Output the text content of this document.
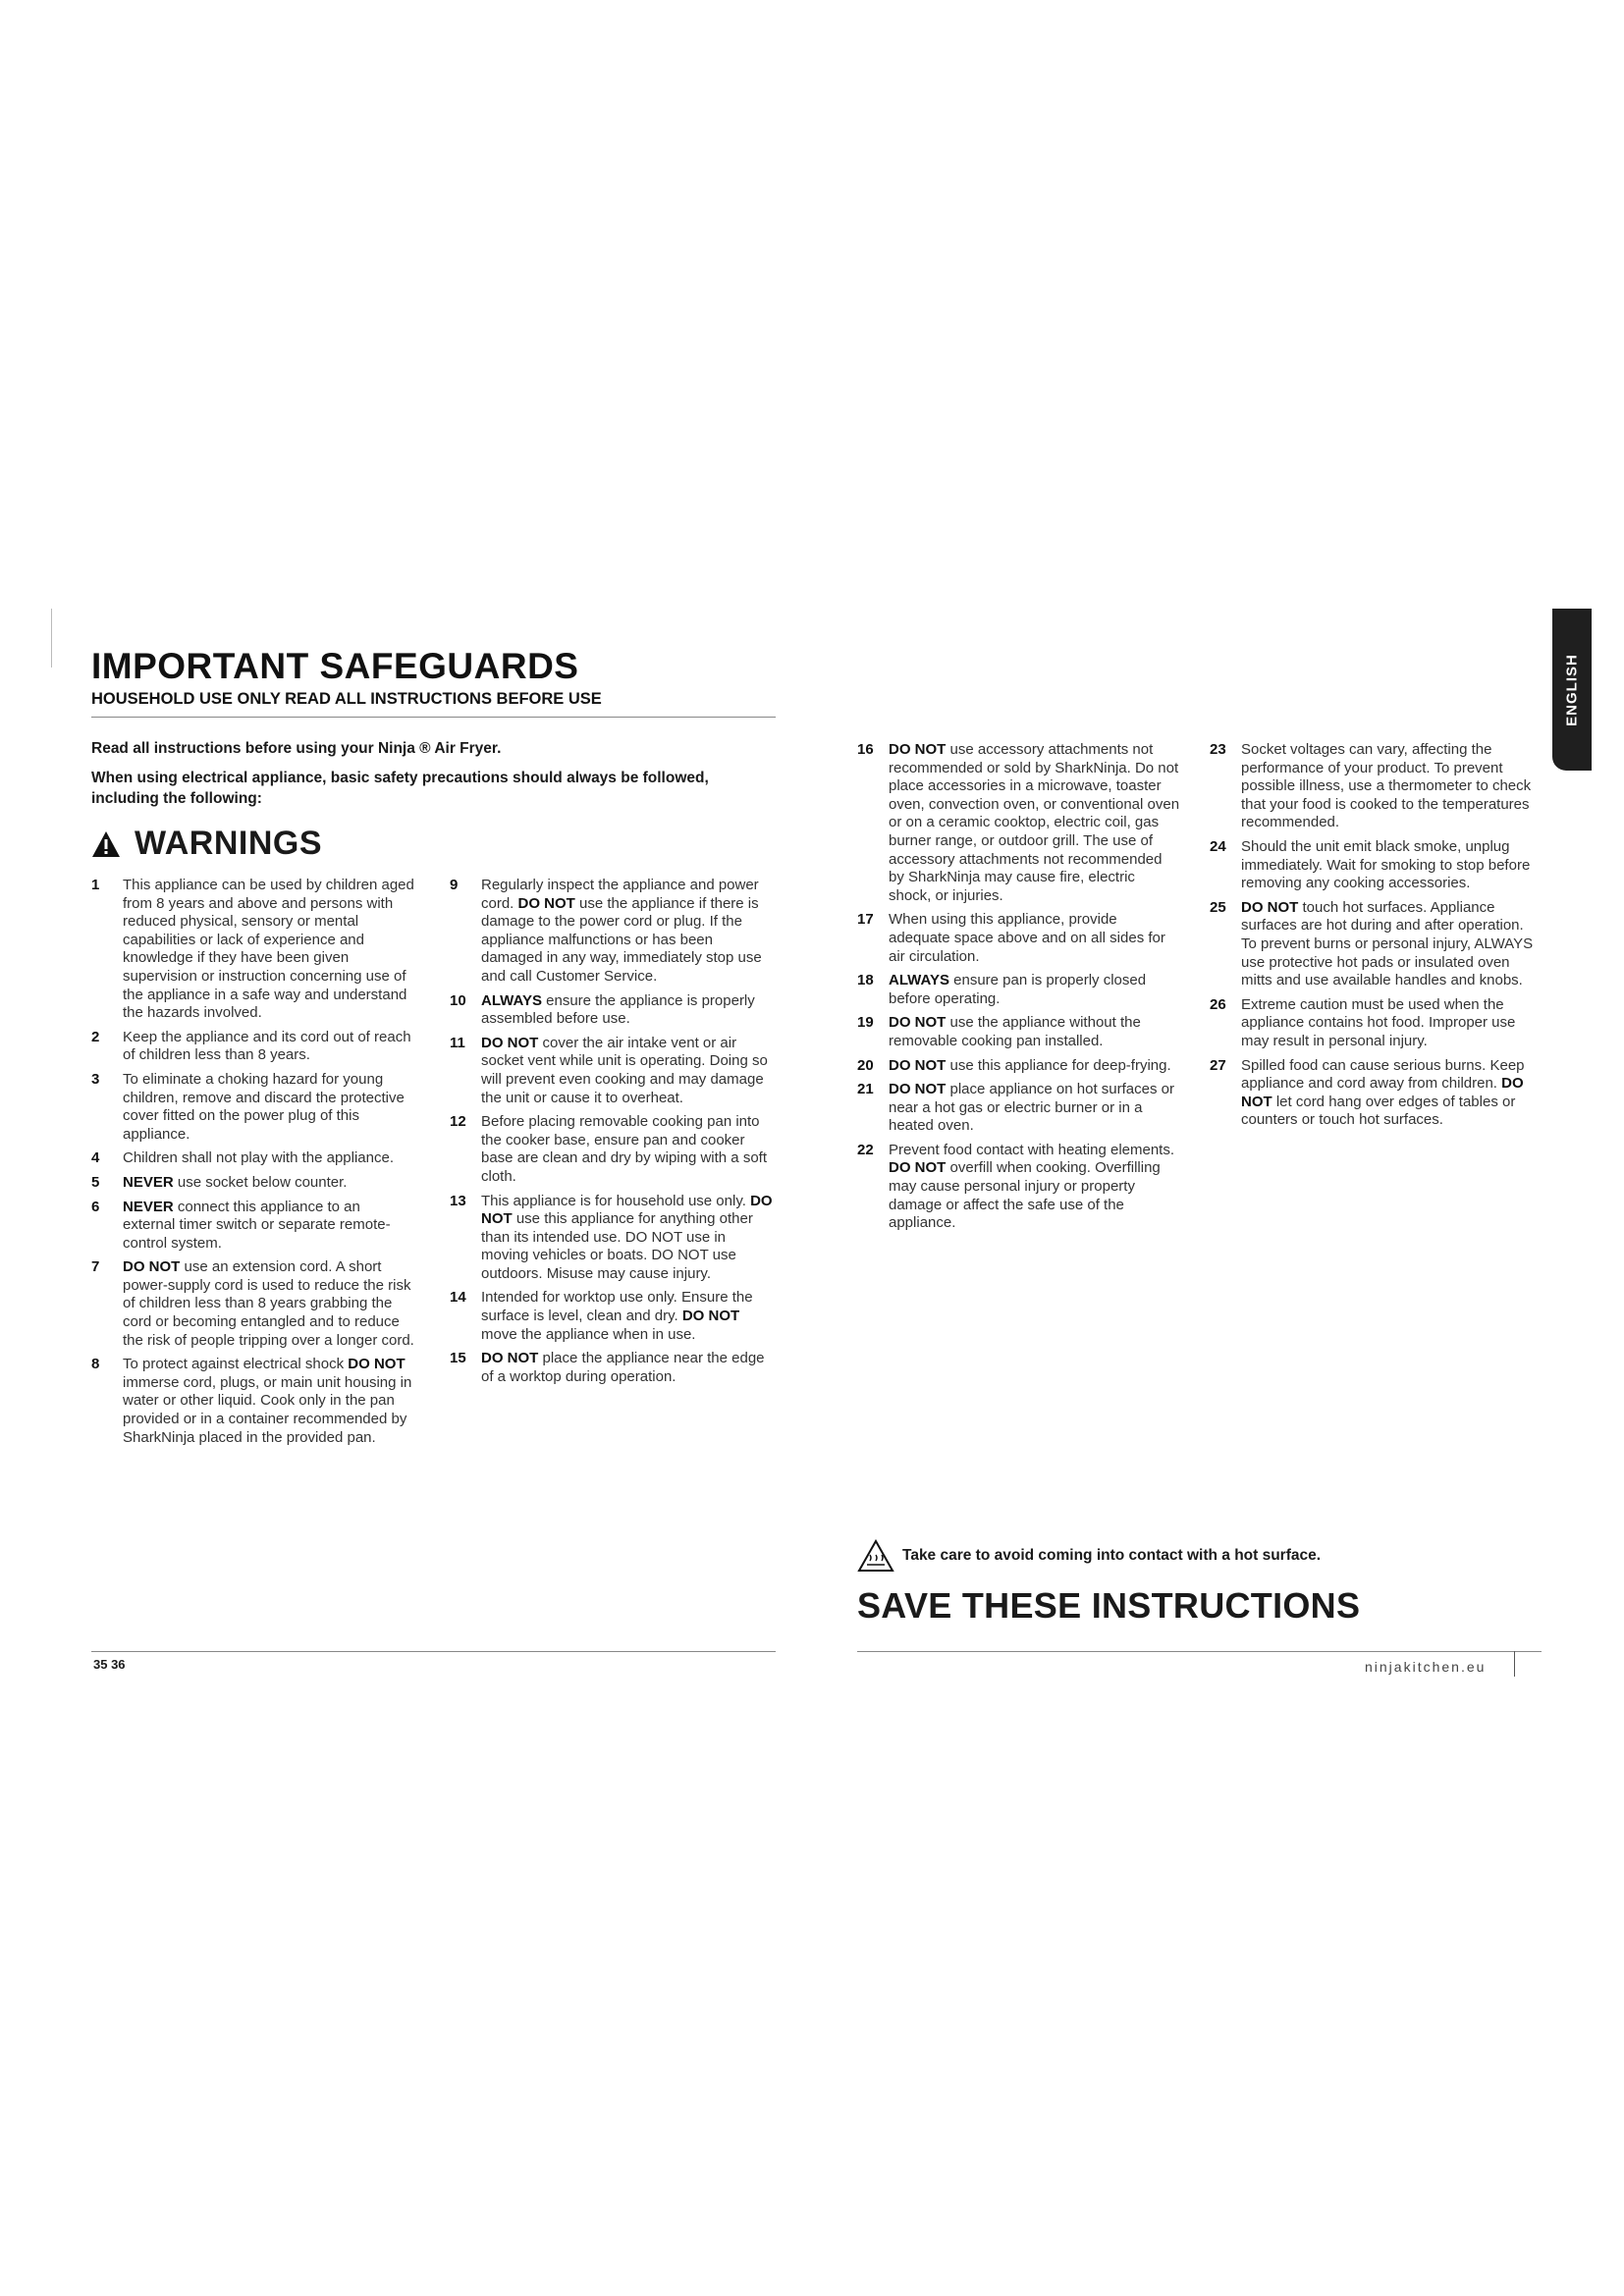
IMPORTANT SAFEGUARDS
HOUSEHOLD USE ONLY READ ALL INSTRUCTIONS BEFORE USE
Read all instructions before using your Ninja ® Air Fryer.
When using electrical appliance, basic safety precautions should always be followed, including the following:
WARNINGS
1 This appliance can be used by children aged from 8 years and above and persons with reduced physical, sensory or mental capabilities or lack of experience and knowledge if they have been given supervision or instruction concerning use of the appliance in a safe way and understand the hazards involved.
2 Keep the appliance and its cord out of reach of children less than 8 years.
3 To eliminate a choking hazard for young children, remove and discard the protective cover fitted on the power plug of this appliance.
4 Children shall not play with the appliance.
5 NEVER use socket below counter.
6 NEVER connect this appliance to an external timer switch or separate remote-control system.
7 DO NOT use an extension cord. A short power-supply cord is used to reduce the risk of children less than 8 years grabbing the cord or becoming entangled and to reduce the risk of people tripping over a longer cord.
8 To protect against electrical shock DO NOT immerse cord, plugs, or main unit housing in water or other liquid. Cook only in the pan provided or in a container recommended by SharkNinja placed in the provided pan.
9 Regularly inspect the appliance and power cord. DO NOT use the appliance if there is damage to the power cord or plug. If the appliance malfunctions or has been damaged in any way, immediately stop use and call Customer Service.
10 ALWAYS ensure the appliance is properly assembled before use.
11 DO NOT cover the air intake vent or air socket vent while unit is operating. Doing so will prevent even cooking and may damage the unit or cause it to overheat.
12 Before placing removable cooking pan into the cooker base, ensure pan and cooker base are clean and dry by wiping with a soft cloth.
13 This appliance is for household use only. DO NOT use this appliance for anything other than its intended use. DO NOT use in moving vehicles or boats. DO NOT use outdoors. Misuse may cause injury.
14 Intended for worktop use only. Ensure the surface is level, clean and dry. DO NOT move the appliance when in use.
15 DO NOT place the appliance near the edge of a worktop during operation.
16 DO NOT use accessory attachments not recommended or sold by SharkNinja. Do not place accessories in a microwave, toaster oven, convection oven, or conventional oven or on a ceramic cooktop, electric coil, gas burner range, or outdoor grill. The use of accessory attachments not recommended by SharkNinja may cause fire, electric shock, or injuries.
17 When using this appliance, provide adequate space above and on all sides for air circulation.
18 ALWAYS ensure pan is properly closed before operating.
19 DO NOT use the appliance without the removable cooking pan installed.
20 DO NOT use this appliance for deep-frying.
21 DO NOT place appliance on hot surfaces or near a hot gas or electric burner or in a heated oven.
22 Prevent food contact with heating elements. DO NOT overfill when cooking. Overfilling may cause personal injury or property damage or affect the safe use of the appliance.
23 Socket voltages can vary, affecting the performance of your product. To prevent possible illness, use a thermometer to check that your food is cooked to the temperatures recommended.
24 Should the unit emit black smoke, unplug immediately. Wait for smoking to stop before removing any cooking accessories.
25 DO NOT touch hot surfaces. Appliance surfaces are hot during and after operation. To prevent burns or personal injury, ALWAYS use protective hot pads or insulated oven mitts and use available handles and knobs.
26 Extreme caution must be used when the appliance contains hot food. Improper use may result in personal injury.
27 Spilled food can cause serious burns. Keep appliance and cord away from children. DO NOT let cord hang over edges of tables or counters or touch hot surfaces.
Take care to avoid coming into contact with a hot surface.
SAVE THESE INSTRUCTIONS
35 36	ninjakitchen.eu
ENGLISH
